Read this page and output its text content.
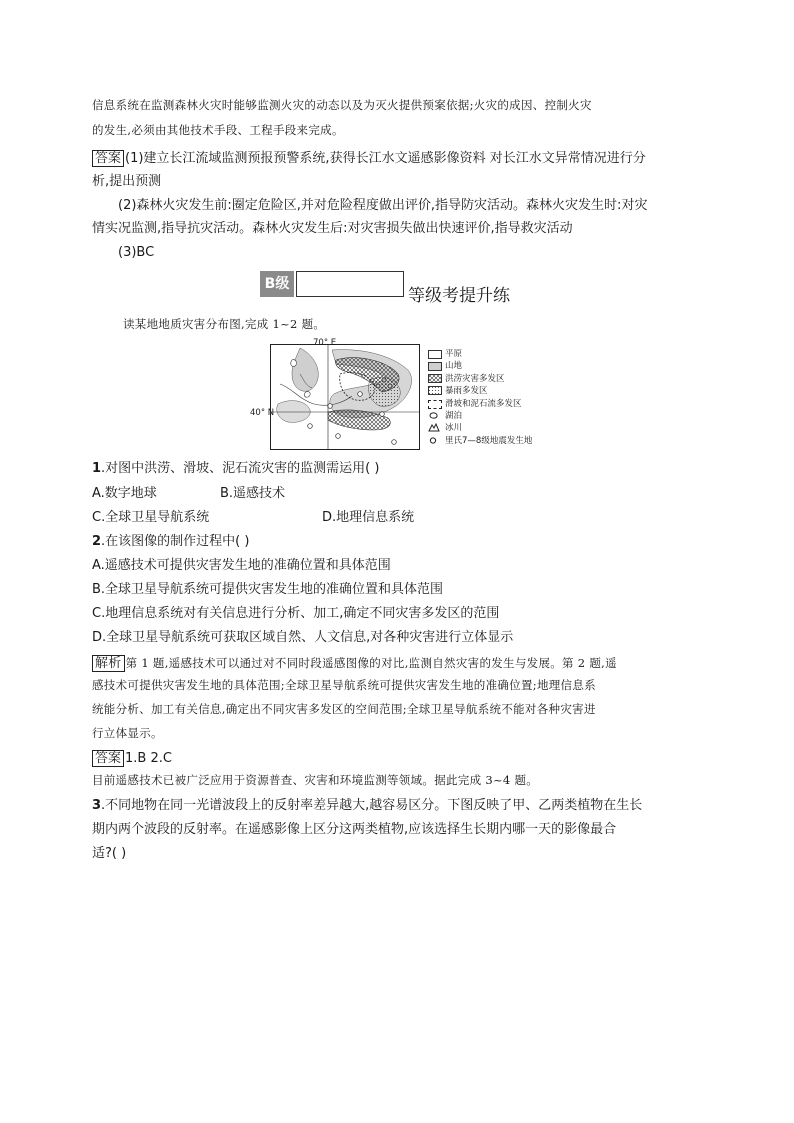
信息系统在监测森林火灾时能够监测火灾的动态以及为灭火提供预案依据;火灾的成因、控制火灾
的发生,必须由其他技术手段、工程手段来完成。
答案 (1)建立长江流域监测预报预警系统,获得长江水文遥感影像资料 对长江水文异常情况进行分
析,提出预测
(2)森林火灾发生前:圈定危险区,并对危险程度做出评价,指导防灾活动。森林火灾发生时:对灾
情实况监测,指导抗灾活动。森林火灾发生后:对灾害损失做出快速评价,指导救灾活动
(3)BC
B级
等级考提升练
读某地地质灾害分布图,完成 1~2 题。
70° E
40° N
平原
山地
洪涝灾害多发区
暴雨多发区
滑坡和泥石流多发区
湖泊
冰川
里氏7—8级地震发生地
1.对图中洪涝、滑坡、泥石流灾害的监测需运用( )
A.数字地球	B.遥感技术
C.全球卫星导航系统	D.地理信息系统
2.在该图像的制作过程中( )
A.遥感技术可提供灾害发生地的准确位置和具体范围
B.全球卫星导航系统可提供灾害发生地的准确位置和具体范围
C.地理信息系统对有关信息进行分析、加工,确定不同灾害多发区的范围
D.全球卫星导航系统可获取区域自然、人文信息,对各种灾害进行立体显示
解析 第 1 题,遥感技术可以通过对不同时段遥感图像的对比,监测自然灾害的发生与发展。第 2 题,遥
感技术可提供灾害发生地的具体范围;全球卫星导航系统可提供灾害发生地的准确位置;地理信息系
统能分析、加工有关信息,确定出不同灾害多发区的空间范围;全球卫星导航系统不能对各种灾害进
行立体显示。
答案 1.B 2.C
目前遥感技术已被广泛应用于资源普查、灾害和环境监测等领域。据此完成 3~4 题。
3.不同地物在同一光谱波段上的反射率差异越大,越容易区分。下图反映了甲、乙两类植物在生长
期内两个波段的反射率。在遥感影像上区分这两类植物,应该选择生长期内哪一天的影像最合
适?( )
